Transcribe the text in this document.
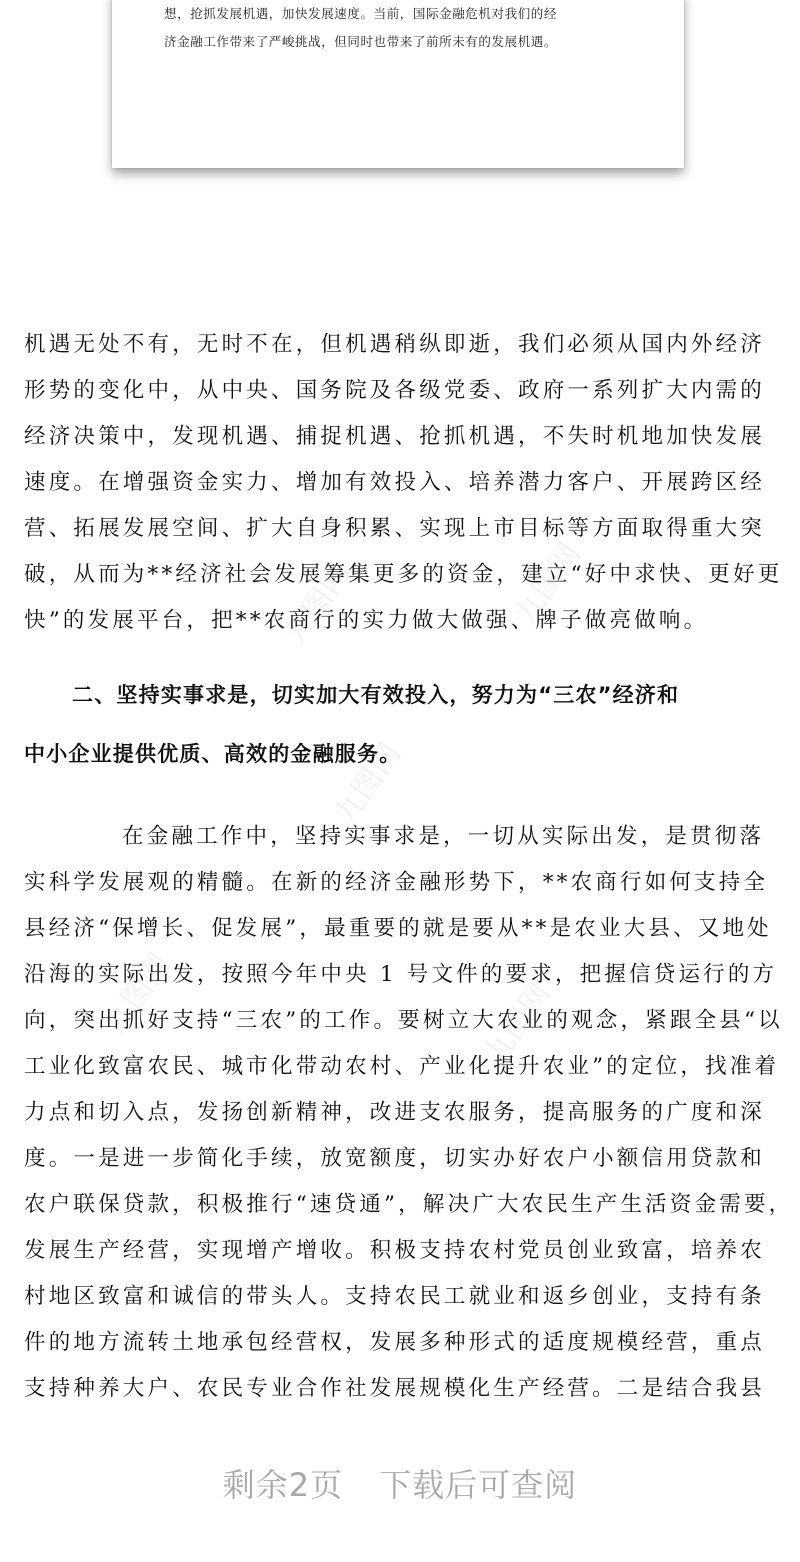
想，抢抓发展机遇，加快发展速度。当前，国际金融危机对我们的经
济金融工作带来了严峻挑战，但同时也带来了前所未有的发展机遇。

九图网	九图网
九图网
九图网	九图网

机遇无处不有，无时不在，但机遇稍纵即逝，我们必须从国内外经济

形势的变化中，从中央、国务院及各级党委、政府一系列扩大内需的

经济决策中，发现机遇、捕捉机遇、抢抓机遇，不失时机地加快发展

速度。在增强资金实力、增加有效投入、培养潜力客户、开展跨区经

营、拓展发展空间、扩大自身积累、实现上市目标等方面取得重大突

破，从而为**经济社会发展筹集更多的资金，建立“好中求快、更好更

快”的发展平台，把**农商行的实力做大做强、牌子做亮做响。

二、坚持实事求是，切实加大有效投入，努力为“三农”经济和

中小企业提供优质、高效的金融服务。

在金融工作中，坚持实事求是，一切从实际出发，是贯彻落

实科学发展观的精髓。在新的经济金融形势下，**农商行如何支持全

县经济“保增长、促发展”，最重要的就是要从**是农业大县、又地处

沿海的实际出发，按照今年中央 1 号文件的要求，把握信贷运行的方

向，突出抓好支持“三农”的工作。要树立大农业的观念，紧跟全县“以

工业化致富农民、城市化带动农村、产业化提升农业”的定位，找准着

力点和切入点，发扬创新精神，改进支农服务，提高服务的广度和深

度。一是进一步简化手续，放宽额度，切实办好农户小额信用贷款和

农户联保贷款，积极推行“速贷通”，解决广大农民生产生活资金需要，

发展生产经营，实现增产增收。积极支持农村党员创业致富，培养农

村地区致富和诚信的带头人。支持农民工就业和返乡创业，支持有条

件的地方流转土地承包经营权，发展多种形式的适度规模经营，重点

支持种养大户、农民专业合作社发展规模化生产经营。二是结合我县

剩余2页 下载后可查阅
